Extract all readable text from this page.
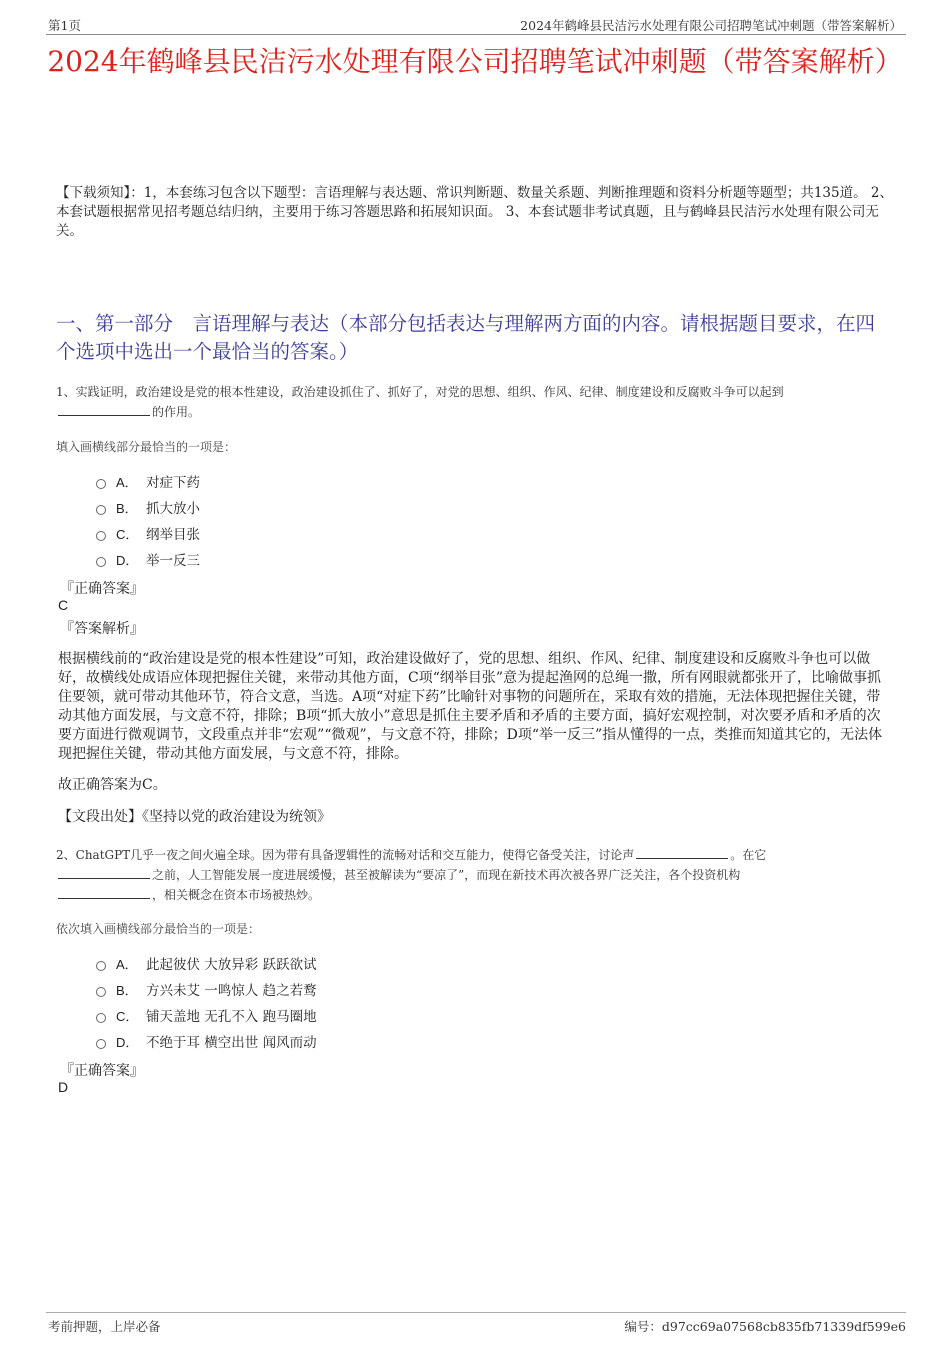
第1页	2024年鹤峰县民洁污水处理有限公司招聘笔试冲刺题（带答案解析）
2024年鹤峰县民洁污水处理有限公司招聘笔试冲刺题（带答案解析）
【下载须知】：1，本套练习包含以下题型：言语理解与表达题、常识判断题、数量关系题、判断推理题和资料分析题等题型；共135道。 2、本套试题根据常见招考题总结归纳，主要用于练习答题思路和拓展知识面。 3、本套试题非考试真题，且与鹤峰县民洁污水处理有限公司无关。
一、第一部分　言语理解与表达（本部分包括表达与理解两方面的内容。请根据题目要求，在四个选项中选出一个最恰当的答案。）
1、实践证明，政治建设是党的根本性建设，政治建设抓住了、抓好了，对党的思想、组织、作风、纪律、制度建设和反腐败斗争可以起到
的作用。
填入画横线部分最恰当的一项是：
A． 对症下药
B． 抓大放小
C． 纲举目张
D． 举一反三
『正确答案』
C
『答案解析』
根据横线前的“政治建设是党的根本性建设”可知，政治建设做好了，党的思想、组织、作风、纪律、制度建设和反腐败斗争也可以做好，故横线处成语应体现把握住关键，来带动其他方面，C项“纲举目张”意为提起渔网的总绳一撒，所有网眼就都张开了，比喻做事抓住要领，就可带动其他环节，符合文意，当选。A项“对症下药”比喻针对事物的问题所在，采取有效的措施，无法体现把握住关键，带动其他方面发展，与文意不符，排除；B项“抓大放小”意思是抓住主要矛盾和矛盾的主要方面，搞好宏观控制，对次要矛盾和矛盾的次要方面进行微观调节，文段重点并非“宏观”“微观”，与文意不符，排除；D项“举一反三”指从懂得的一点，类推而知道其它的，无法体现把握住关键，带动其他方面发展，与文意不符，排除。
故正确答案为C。
【文段出处】《坚持以党的政治建设为统领》
2、ChatGPT几乎一夜之间火遍全球。因为带有具备逻辑性的流畅对话和交互能力，使得它备受关注，讨论声	。在它
之前，人工智能发展一度进展缓慢，甚至被解读为“要凉了”，而现在新技术再次被各界广泛关注，各个投资机构
，相关概念在资本市场被热炒。
依次填入画横线部分最恰当的一项是：
A． 此起彼伏 大放异彩 跃跃欲试
B． 方兴未艾 一鸣惊人 趋之若鹜
C． 铺天盖地 无孔不入 跑马圈地
D． 不绝于耳 横空出世 闻风而动
『正确答案』
D
考前押题，上岸必备	编号：d97cc69a07568cb835fb71339df599e6
